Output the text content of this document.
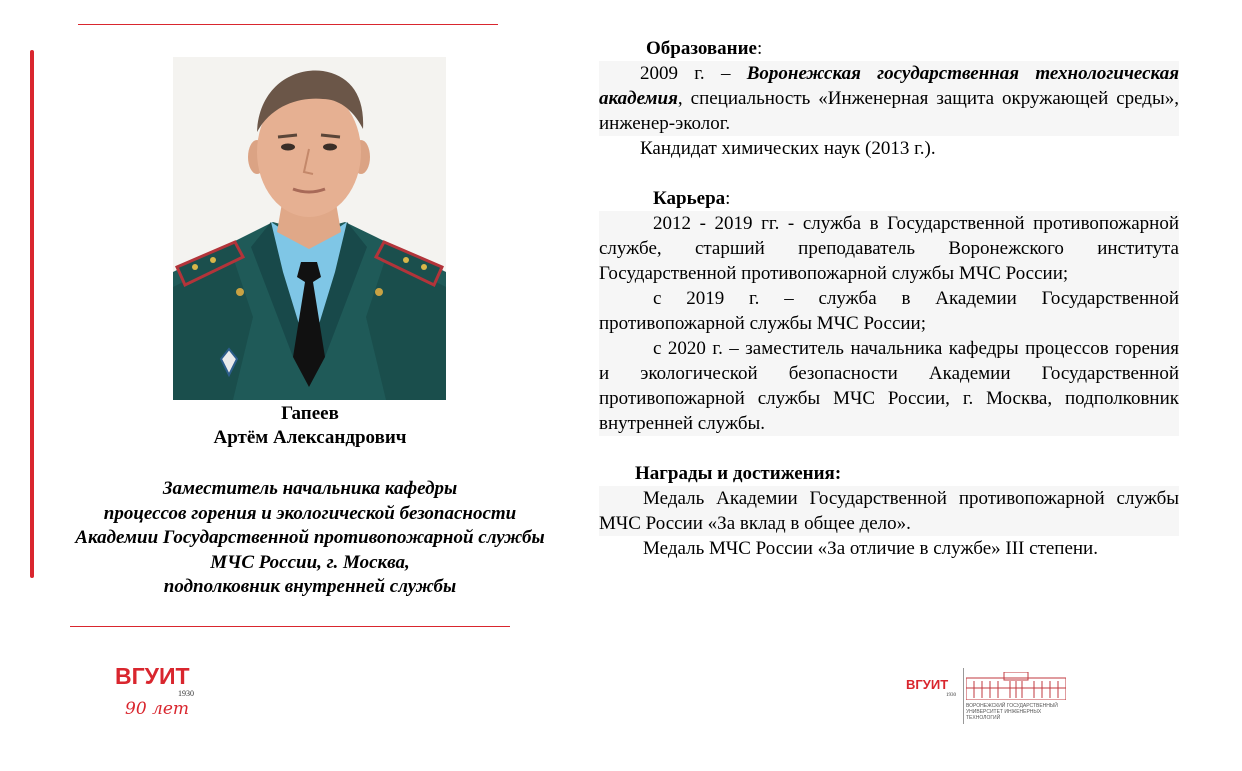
Гапеев
Артём Александрович
Заместитель начальника кафедры
процессов горения и экологической безопасности
Академии Государственной противопожарной службы
МЧС России, г. Москва,
подполковник внутренней службы
Образование:
2009 г. – Воронежская государственная технологическая академия, специальность «Инженерная защита окружающей среды», инженер-эколог.
Кандидат химических наук (2013 г.).
Карьера:
2012 - 2019 гг. - служба в Государственной противопожарной службе, старший преподаватель Воронежского института Государственной противопожарной службы МЧС России;
с 2019 г. – служба в Академии Государственной противопожарной службы МЧС России;
с 2020 г. – заместитель начальника кафедры процессов горения и экологической безопасности Академии Государственной противопожарной службы МЧС России, г. Москва, подполковник внутренней службы.
Награды и достижения:
Медаль Академии Государственной противопожарной службы МЧС России «За вклад в общее дело».
Медаль МЧС России «За отличие в службе» III степени.
ВГУИТ
1930
90 лет
ВГУИТ
1930
ВОРОНЕЖСКИЙ ГОСУДАРСТВЕННЫЙ
УНИВЕРСИТЕТ ИНЖЕНЕРНЫХ
ТЕХНОЛОГИЙ
